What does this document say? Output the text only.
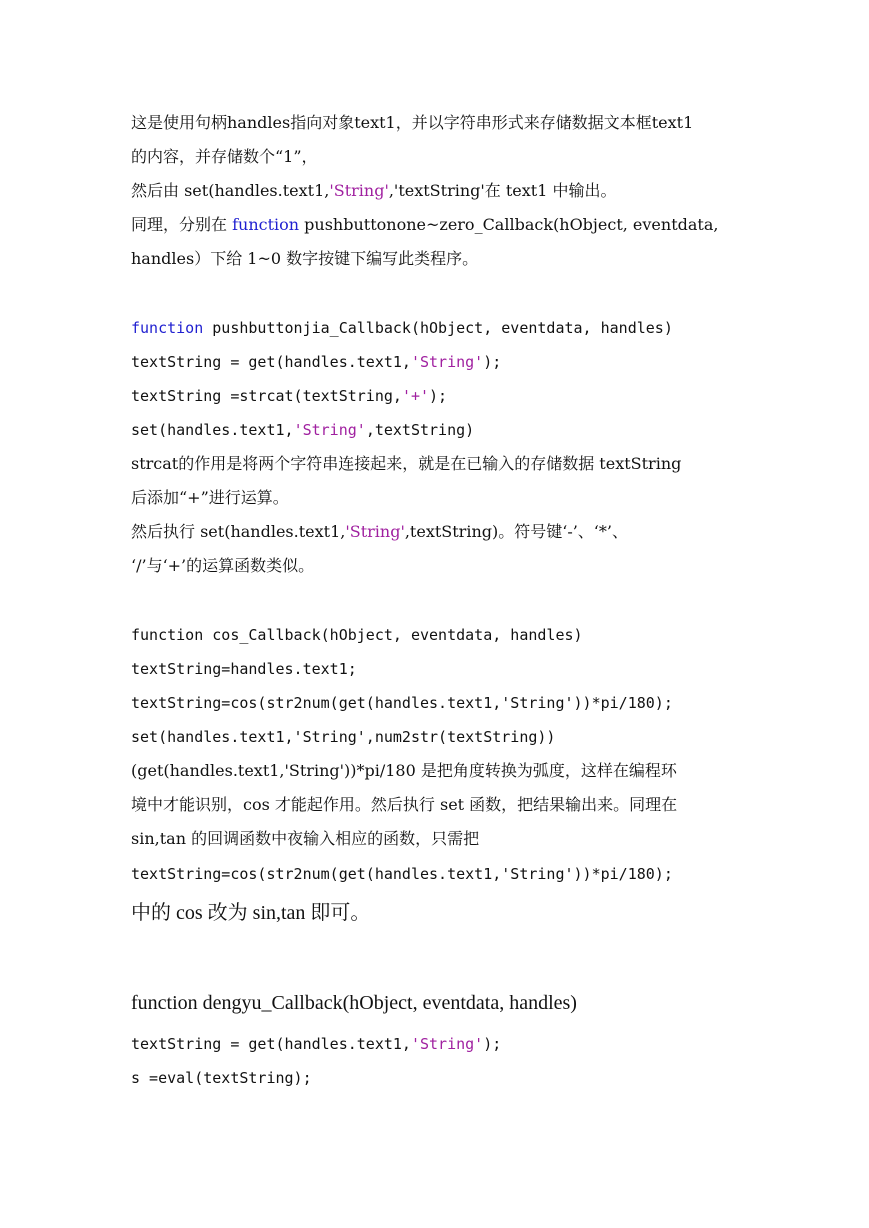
这是使用句柄handles指向对象text1，并以字符串形式来存储数据文本框text1
的内容，并存储数个“1”，
然后由 set(handles.text1,'String','textString'在 text1 中输出。
同理，分别在 function pushbuttonone~zero_Callback(hObject, eventdata,
handles）下给 1~0 数字按键下编写此类程序。
function pushbuttonjia_Callback(hObject, eventdata, handles)
textString = get(handles.text1,'String');
textString =strcat(textString,'+');
set(handles.text1,'String',textString)
strcat的作用是将两个字符串连接起来，就是在已输入的存储数据 textString
后添加“+”进行运算。
然后执行 set(handles.text1,'String',textString)。符号键‘-’、‘*’、
‘/’与‘+’的运算函数类似。
function cos_Callback(hObject, eventdata, handles)
textString=handles.text1;
textString=cos(str2num(get(handles.text1,'String'))*pi/180);
set(handles.text1,'String',num2str(textString))
(get(handles.text1,'String'))*pi/180 是把角度转换为弧度，这样在编程环
境中才能识别，cos 才能起作用。然后执行 set 函数，把结果输出来。同理在
sin,tan 的回调函数中夜输入相应的函数，只需把
textString=cos(str2num(get(handles.text1,'String'))*pi/180);
中的 cos 改为 sin,tan 即可。
function dengyu_Callback(hObject, eventdata, handles)
textString = get(handles.text1,'String');
s =eval(textString);
